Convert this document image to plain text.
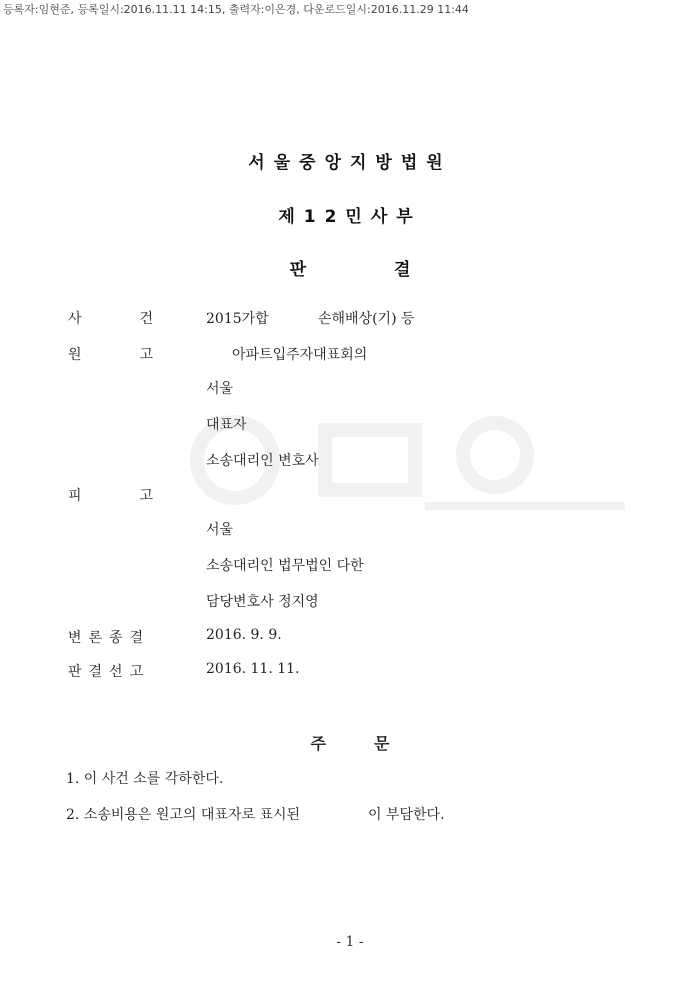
등록자:임현준, 등록일시:2016.11.11 14:15, 출력자:이은경, 다운로드일시:2016.11.29 11:44
서울중앙지방법원
제12민사부
판	결
사	건	2015가합	손해배상(기) 등
원	고	아파트입주자대표회의
서울
대표자
소송대리인 변호사
피	고
서울
소송대리인 법무법인 다한
담당변호사 정지영
변론종결	2016. 9. 9.
판결선고	2016. 11. 11.
주	문
1. 이 사건 소를 각하한다.
2. 소송비용은 원고의 대표자로 표시된	이 부담한다.
- 1 -
